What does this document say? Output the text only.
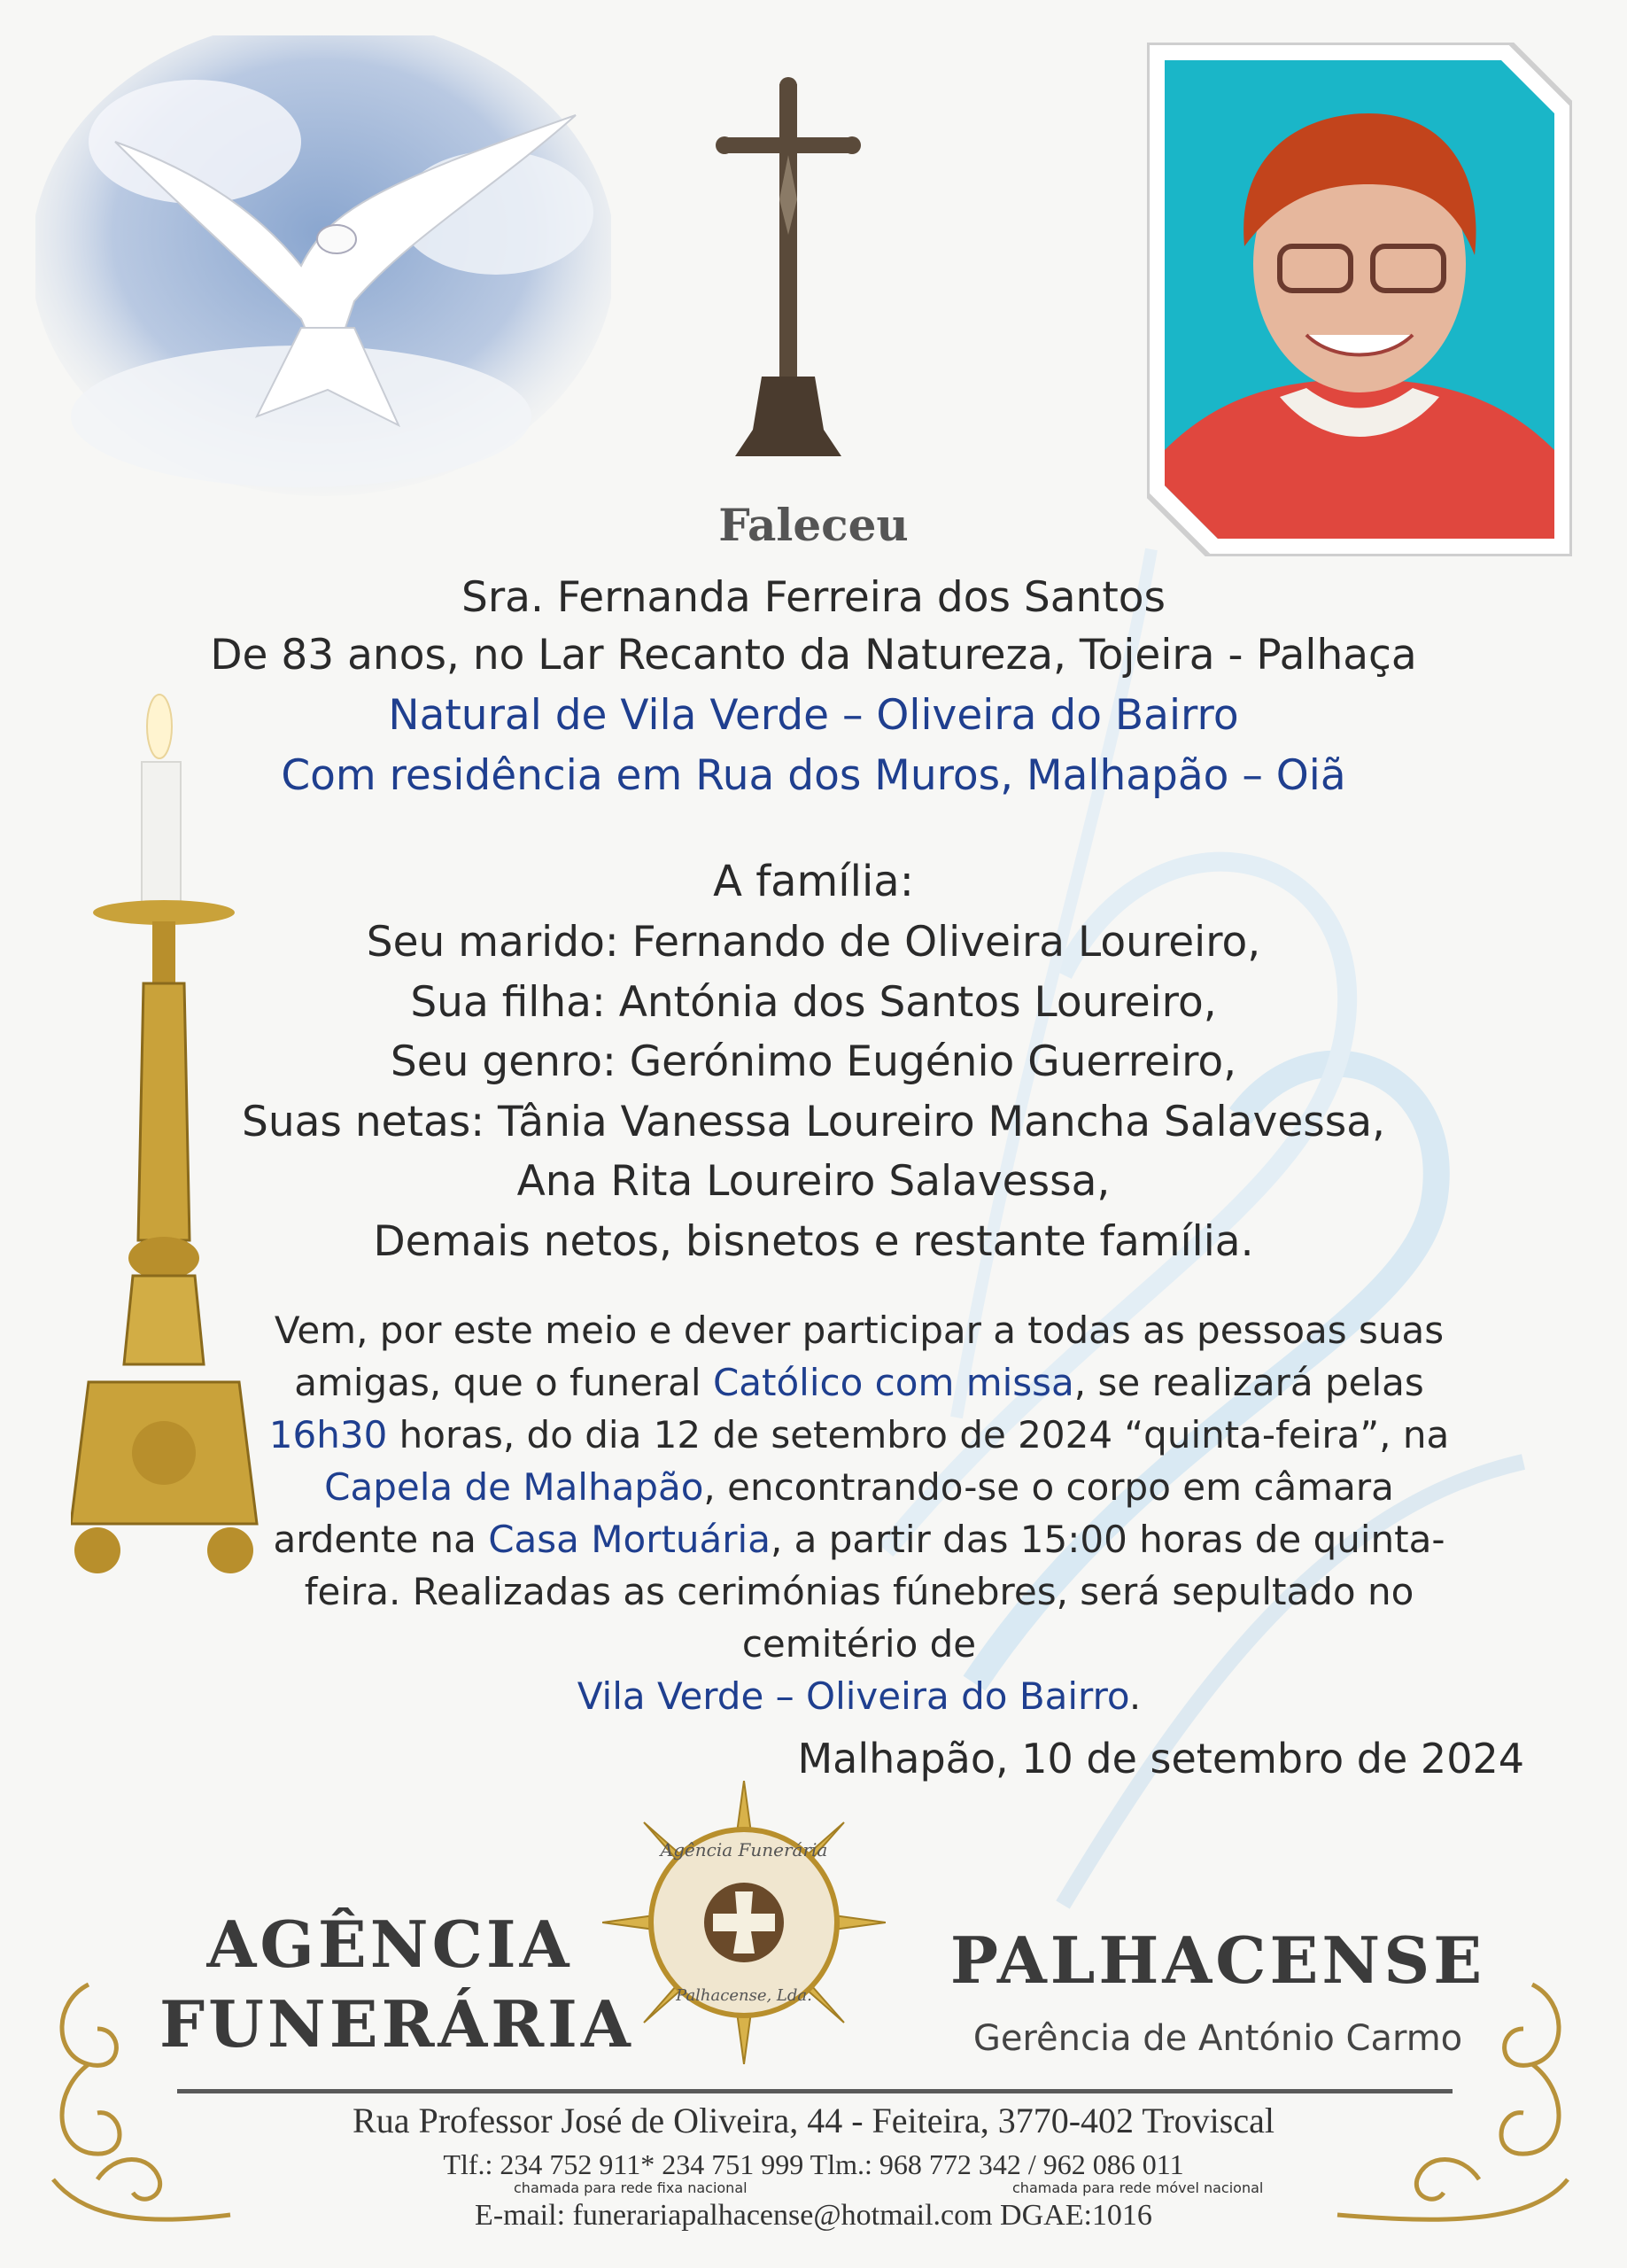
Faleceu
Sra. Fernanda Ferreira dos Santos
De 83 anos, no Lar Recanto da Natureza, Tojeira - Palhaça
Natural de Vila Verde – Oliveira do Bairro
Com residência em Rua dos Muros, Malhapão – Oiã
A família:
Seu marido: Fernando de Oliveira Loureiro,
Sua filha: Antónia dos Santos Loureiro,
Seu genro: Gerónimo Eugénio Guerreiro,
Suas netas: Tânia Vanessa Loureiro Mancha Salavessa,
Ana Rita Loureiro Salavessa,
Demais netos, bisnetos e restante família.
Vem, por este meio e dever participar a todas as pessoas suas amigas, que o funeral Católico com missa, se realizará pelas 16h30 horas, do dia 12 de setembro de 2024 “quinta-feira”, na Capela de Malhapão, encontrando-se o corpo em câmara ardente na Casa Mortuária, a partir das 15:00 horas de quinta-feira. Realizadas as cerimónias fúnebres, será sepultado no cemitério de
Vila Verde – Oliveira do Bairro.
Malhapão, 10 de setembro de 2024
Agência Funerária
Palhacense, Lda.
AGÊNCIA
FUNERÁRIA
PALHACENSE
Gerência de António Carmo
Rua Professor José de Oliveira, 44 - Feiteira, 3770-402 Troviscal
Tlf.: 234 752 911* 234 751 999 Tlm.: 968 772 342 / 962 086 011
chamada para rede fixa nacional	chamada para rede móvel nacional
E-mail: funerariapalhacense@hotmail.com DGAE:1016
